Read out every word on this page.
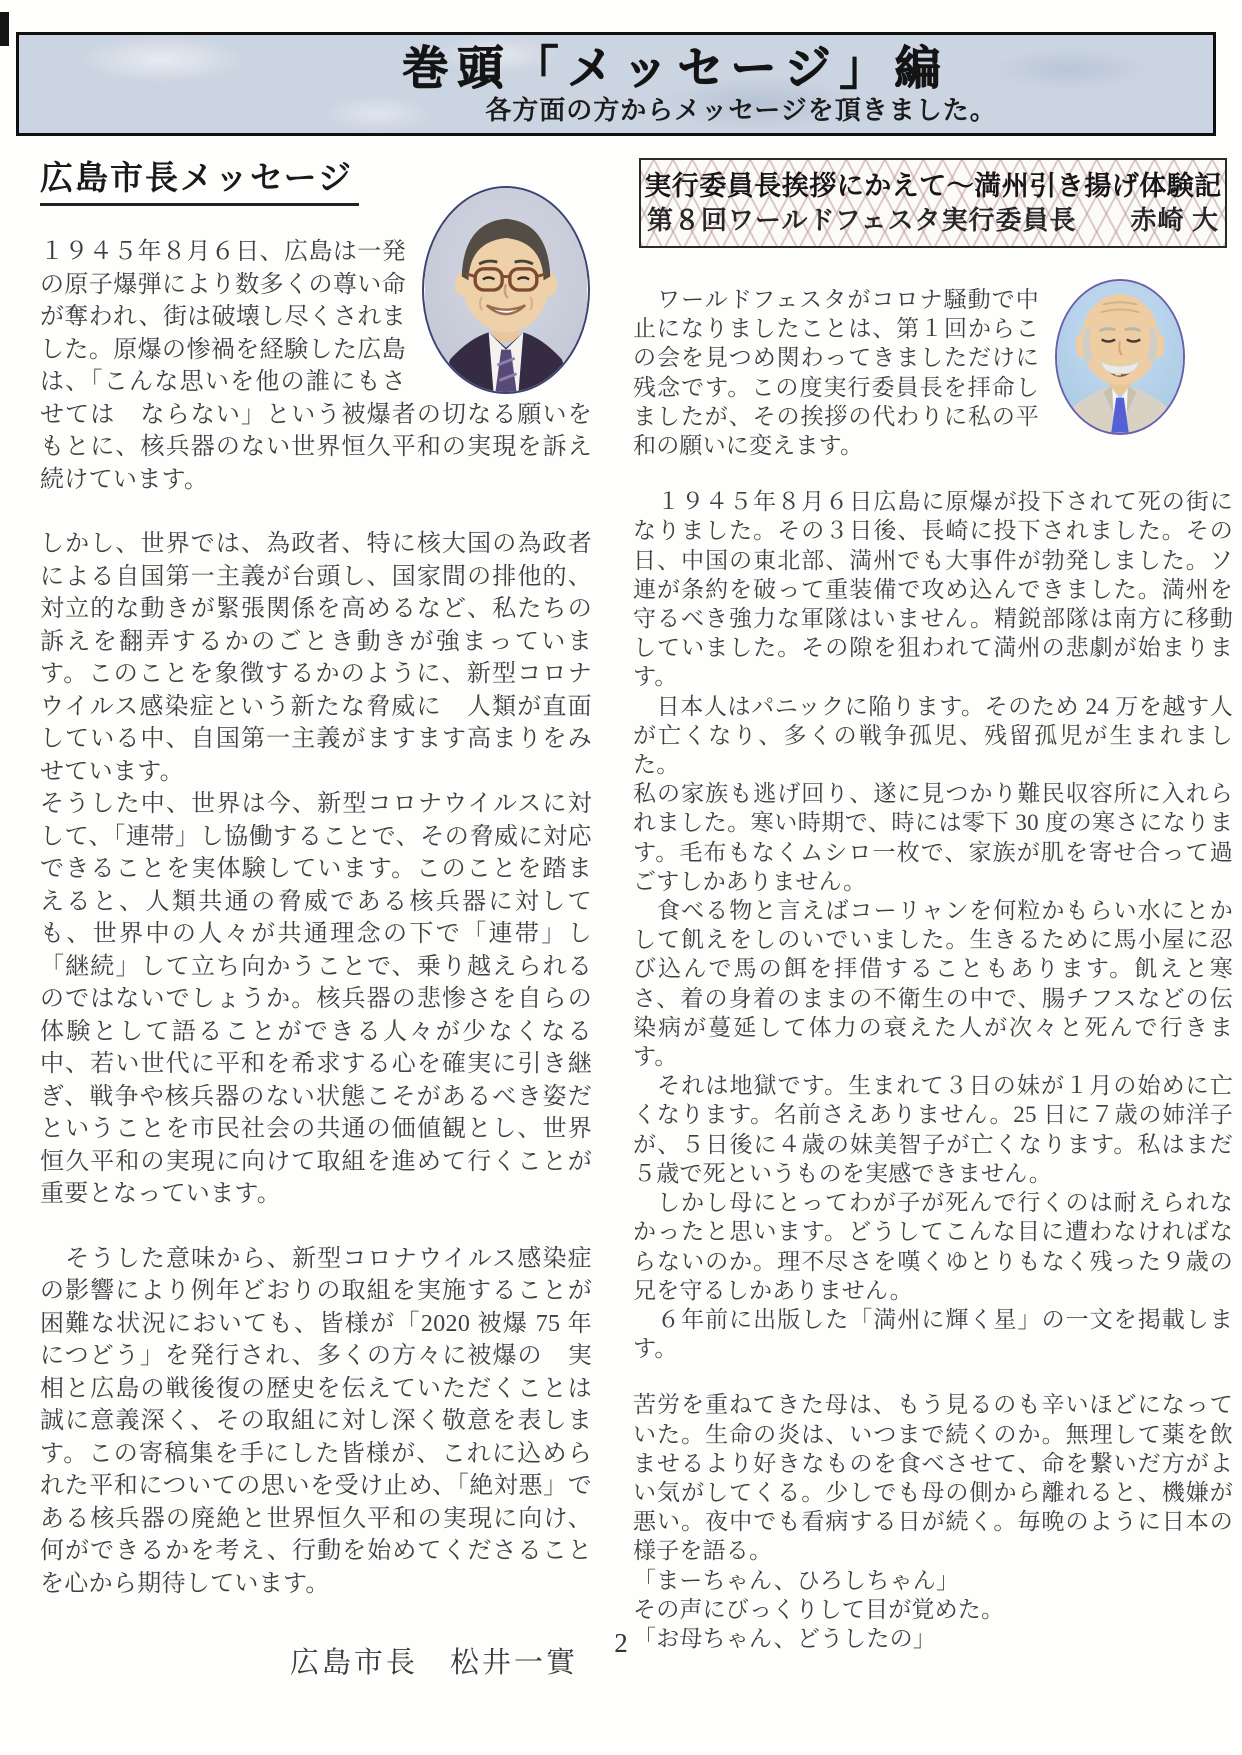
巻頭「メッセージ」編
各方面の方からメッセージを頂きました。
広島市長メッセージ

１９４５年８月６日、広島は一発の原子爆弾により数多くの尊い命が奪われ、街は破壊し尽くされました。原爆の惨禍を経験した広島は、「こんな思いを他の誰にもさせては　ならない」という被爆者の切なる願いをもとに、核兵器のない世界恒久平和の実現を訴え続けています。

しかし、世界では、為政者、特に核大国の為政者による自国第一主義が台頭し、国家間の排他的、対立的な動きが緊張関係を高めるなど、私たちの訴えを翻弄するかのごとき動きが強まっています。このことを象徴するかのように、新型コロナウイルス感染症という新たな脅威に　人類が直面している中、自国第一主義がますます高まりをみせています。

そうした中、世界は今、新型コロナウイルスに対して、「連帯」し協働することで、その脅威に対応できることを実体験しています。このことを踏まえると、人類共通の脅威である核兵器に対しても、世界中の人々が共通理念の下で「連帯」し「継続」して立ち向かうことで、乗り越えられるのではないでしょうか。核兵器の悲惨さを自らの体験として語ることができる人々が少なくなる中、若い世代に平和を希求する心を確実に引き継ぎ、戦争や核兵器のない状態こそがあるべき姿だということを市民社会の共通の価値観とし、世界恒久平和の実現に向けて取組を進めて行くことが重要となっています。

　そうした意味から、新型コロナウイルス感染症の影響により例年どおりの取組を実施することが困難な状況においても、皆様が「2020 被爆 75 年につどう」を発行され、多くの方々に被爆の　実相と広島の戦後復の歴史を伝えていただくことは誠に意義深く、その取組に対し深く敬意を表します。この寄稿集を手にした皆様が、これに込められた平和についての思いを受け止め、「絶対悪」である核兵器の廃絶と世界恒久平和の実現に向け、何ができるかを考え、行動を始めてくださることを心から期待しています。

広島市長　松井一實
実行委員長挨拶にかえて～満州引き揚げ体験記
第８回ワールドフェスタ実行委員長　　赤崎 大

　ワールドフェスタがコロナ騒動で中止になりましたことは、第１回からこの会を見つめ関わってきましただけに残念です。この度実行委員長を拝命しましたが、その挨拶の代わりに私の平和の願いに変えます。

　１９４５年８月６日広島に原爆が投下されて死の街になりました。その３日後、長崎に投下されました。その日、中国の東北部、満州でも大事件が勃発しました。ソ連が条約を破って重装備で攻め込んできました。満州を守るべき強力な軍隊はいません。精鋭部隊は南方に移動していました。その隙を狙われて満州の悲劇が始まります。

　日本人はパニックに陥ります。そのため 24 万を越す人が亡くなり、多くの戦争孤児、残留孤児が生まれました。

私の家族も逃げ回り、遂に見つかり難民収容所に入れられました。寒い時期で、時には零下 30 度の寒さになります。毛布もなくムシロ一枚で、家族が肌を寄せ合って過ごすしかありません。

　食べる物と言えばコーリャンを何粒かもらい水にとかして飢えをしのいでいました。生きるために馬小屋に忍び込んで馬の餌を拝借することもあります。飢えと寒さ、着の身着のままの不衛生の中で、腸チフスなどの伝染病が蔓延して体力の衰えた人が次々と死んで行きます。

　それは地獄です。生まれて３日の妹が１月の始めに亡くなります。名前さえありません。25 日に７歳の姉洋子が、５日後に４歳の妹美智子が亡くなります。私はまだ５歳で死というものを実感できません。

　しかし母にとってわが子が死んで行くのは耐えられなかったと思います。どうしてこんな目に遭わなければならないのか。理不尽さを嘆くゆとりもなく残った９歳の兄を守るしかありません。

　６年前に出版した「満州に輝く星」の一文を掲載します。

苦労を重ねてきた母は、もう見るのも辛いほどになっていた。生命の炎は、いつまで続くのか。無理して薬を飲ませるより好きなものを食べさせて、命を繋いだ方がよい気がしてくる。少しでも母の側から離れると、機嫌が悪い。夜中でも看病する日が続く。毎晩のように日本の様子を語る。

「まーちゃん、ひろしちゃん」

その声にびっくりして目が覚めた。

「お母ちゃん、どうしたの」

2
